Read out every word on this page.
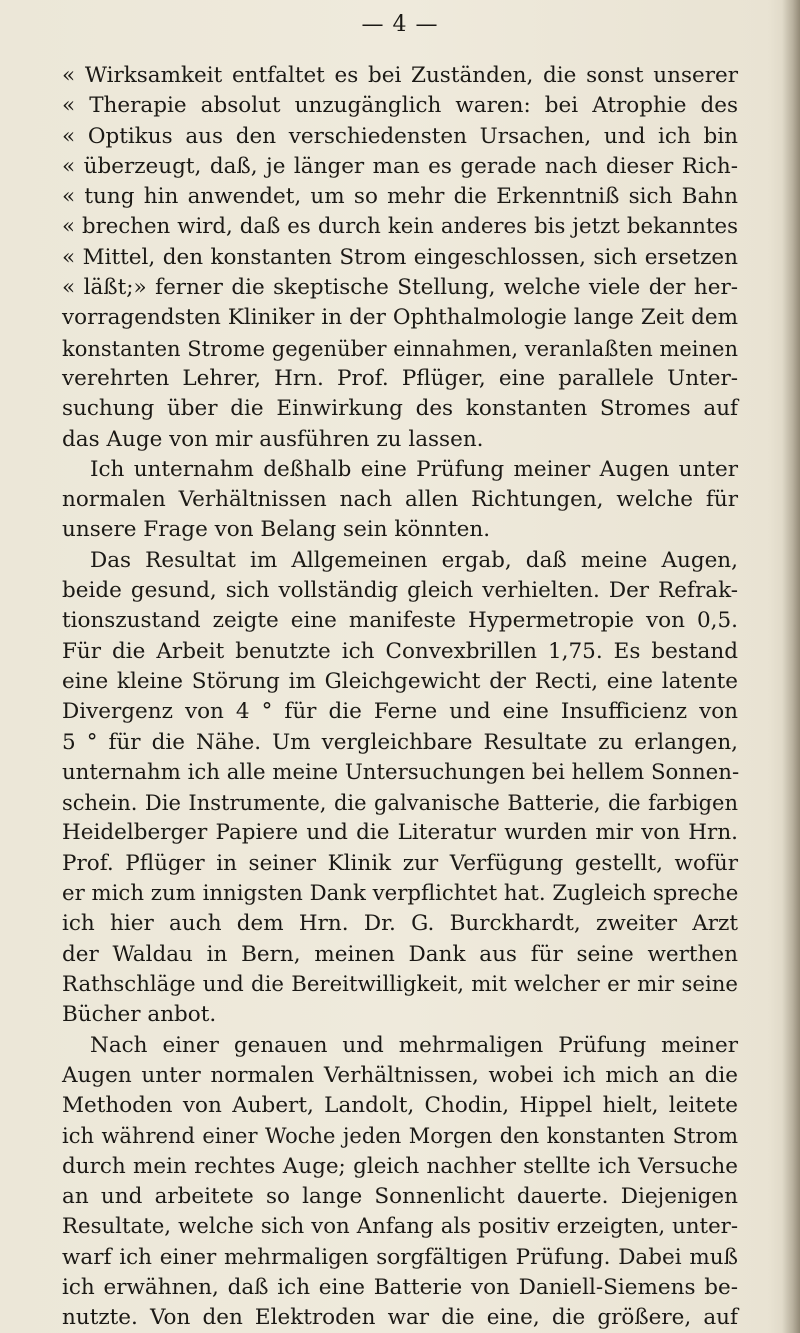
— 4 —
« Wirksamkeit entfaltet es bei Zuständen, die sonst unserer
« Therapie absolut unzugänglich waren: bei Atrophie des
« Optikus aus den verschiedensten Ursachen, und ich bin
« überzeugt, daß, je länger man es gerade nach dieser Rich-
« tung hin anwendet, um so mehr die Erkenntniß sich Bahn
« brechen wird, daß es durch kein anderes bis jetzt bekanntes
« Mittel, den konstanten Strom eingeschlossen, sich ersetzen
« läßt;» ferner die skeptische Stellung, welche viele der her-
vorragendsten Kliniker in der Ophthalmologie lange Zeit dem
konstanten Strome gegenüber einnahmen, veranlaßten meinen
verehrten Lehrer, Hrn. Prof. Pflüger, eine parallele Unter-
suchung über die Einwirkung des konstanten Stromes auf
das Auge von mir ausführen zu lassen.
Ich unternahm deßhalb eine Prüfung meiner Augen unter
normalen Verhältnissen nach allen Richtungen, welche für
unsere Frage von Belang sein könnten.
Das Resultat im Allgemeinen ergab, daß meine Augen,
beide gesund, sich vollständig gleich verhielten. Der Refrak-
tionszustand zeigte eine manifeste Hypermetropie von 0,5.
Für die Arbeit benutzte ich Convexbrillen 1,75. Es bestand
eine kleine Störung im Gleichgewicht der Recti, eine latente
Divergenz von 4 ° für die Ferne und eine Insufficienz von
5 ° für die Nähe. Um vergleichbare Resultate zu erlangen,
unternahm ich alle meine Untersuchungen bei hellem Sonnen-
schein. Die Instrumente, die galvanische Batterie, die farbigen
Heidelberger Papiere und die Literatur wurden mir von Hrn.
Prof. Pflüger in seiner Klinik zur Verfügung gestellt, wofür
er mich zum innigsten Dank verpflichtet hat. Zugleich spreche
ich hier auch dem Hrn. Dr. G. Burckhardt, zweiter Arzt
der Waldau in Bern, meinen Dank aus für seine werthen
Rathschläge und die Bereitwilligkeit, mit welcher er mir seine
Bücher anbot.
Nach einer genauen und mehrmaligen Prüfung meiner
Augen unter normalen Verhältnissen, wobei ich mich an die
Methoden von Aubert, Landolt, Chodin, Hippel hielt, leitete
ich während einer Woche jeden Morgen den konstanten Strom
durch mein rechtes Auge; gleich nachher stellte ich Versuche
an und arbeitete so lange Sonnenlicht dauerte. Diejenigen
Resultate, welche sich von Anfang als positiv erzeigten, unter-
warf ich einer mehrmaligen sorgfältigen Prüfung. Dabei muß
ich erwähnen, daß ich eine Batterie von Daniell-Siemens be-
nutzte. Von den Elektroden war die eine, die größere, auf
